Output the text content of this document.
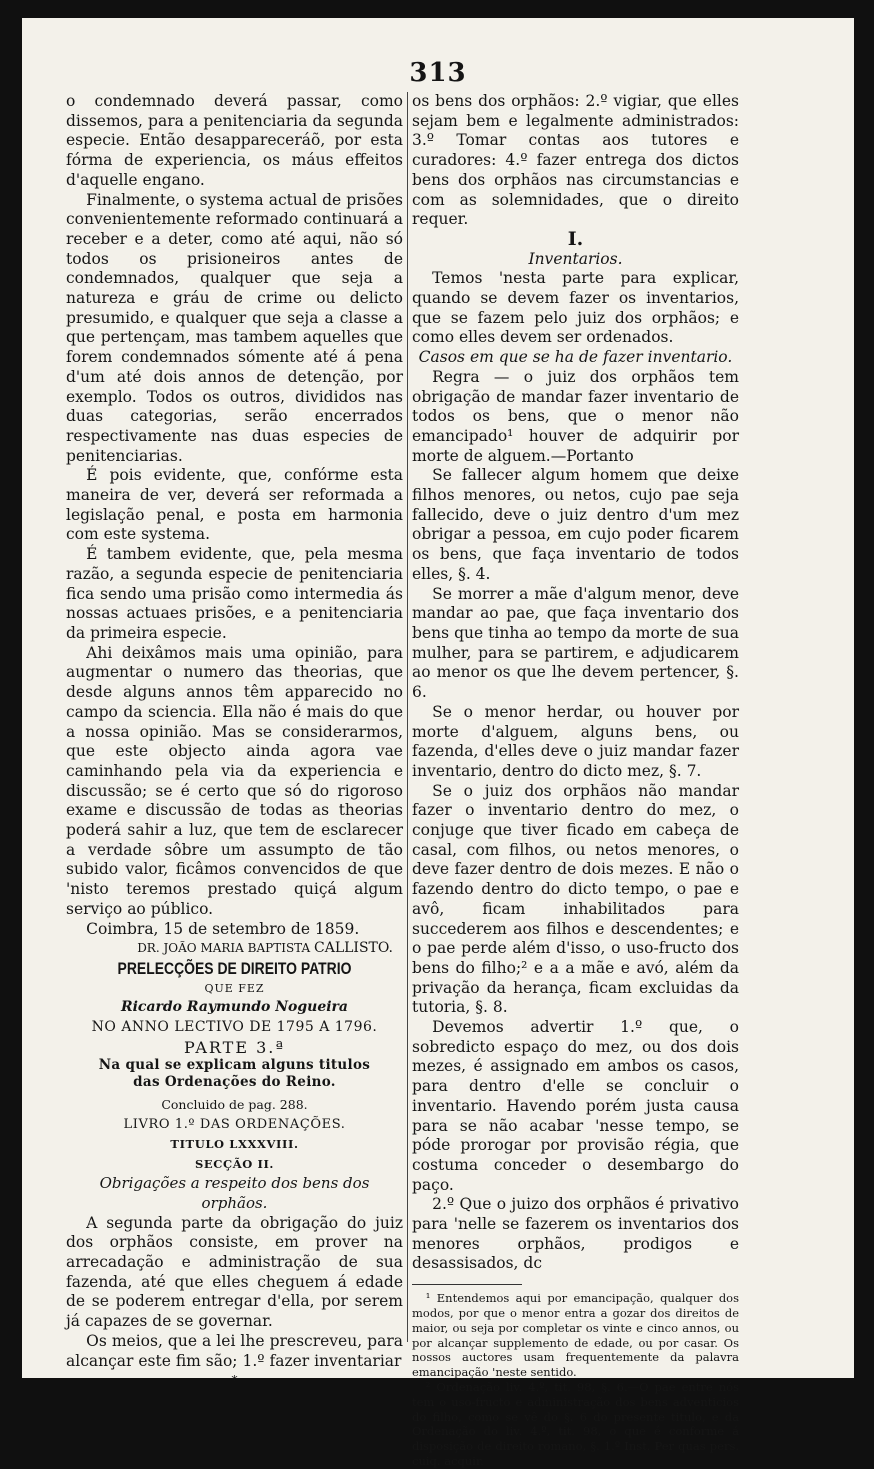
313

o condemnado deverá passar, como dissemos, para a penitenciaria da segunda especie. Então desappareceráõ, por esta fórma de experiencia, os máus effeitos d'aquelle engano.

Finalmente, o systema actual de prisões convenientemente reformado continuará a receber e a deter, como até aqui, não só todos os prisioneiros antes de condemnados, qualquer que seja a natureza e gráu de crime ou delicto presumido, e qualquer que seja a classe a que pertençam, mas tambem aquelles que forem condemnados sómente até á pena d'um até dois annos de detenção, por exemplo. Todos os outros, divididos nas duas categorias, serão encerrados respectivamente nas duas especies de penitenciarias.

É pois evidente, que, confórme esta maneira de ver, deverá ser reformada a legislação penal, e posta em harmonia com este systema.

É tambem evidente, que, pela mesma razão, a segunda especie de penitenciaria fica sendo uma prisão como intermedia ás nossas actuaes prisões, e a penitenciaria da primeira especie.

Ahi deixâmos mais uma opinião, para augmentar o numero das theorias, que desde alguns annos têm apparecido no campo da sciencia. Ella não é mais do que a nossa opinião. Mas se considerarmos, que este objecto ainda agora vae caminhando pela via da experiencia e discussão; se é certo que só do rigoroso exame e discussão de todas as theorias poderá sahir a luz, que tem de esclarecer a verdade sôbre um assumpto de tão subido valor, ficâmos convencidos de que 'nisto teremos prestado quiçá algum serviço ao público.

Coimbra, 15 de setembro de 1859.

DR. JOÃO MARIA BAPTISTA CALLISTO.

PRELECÇÕES DE DIREITO PATRIO

QUE FEZ

Ricardo Raymundo Nogueira

NO ANNO LECTIVO DE 1795 A 1796.

PARTE 3.ª

Na qual se explicam alguns titulos

das Ordenações do Reino.

Concluido de pag. 288.

LIVRO 1.º DAS ORDENAÇÕES.

TITULO LXXXVIII.

SECÇÃO II.

Obrigações a respeito dos bens dos orphãos.

A segunda parte da obrigação do juiz dos orphãos consiste, em prover na arrecadação e administração de sua fazenda, até que elles cheguem á edade de se poderem entregar d'ella, por serem já capazes de se governar.

Os meios, que a lei lhe prescreveu, para alcançar este fim são; 1.º fazer inventariar

*

os bens dos orphãos: 2.º vigiar, que elles sejam bem e legalmente administrados: 3.º Tomar contas aos tutores e curadores: 4.º fazer entrega dos dictos bens dos orphãos nas circumstancias e com as solemnidades, que o direito requer.

I.

Inventarios.

Temos 'nesta parte para explicar, quando se devem fazer os inventarios, que se fazem pelo juiz dos orphãos; e como elles devem ser ordenados.

Casos em que se ha de fazer inventario.

Regra — o juiz dos orphãos tem obrigação de mandar fazer inventario de todos os bens, que o menor não emancipado¹ houver de adquirir por morte de alguem.—Portanto

Se fallecer algum homem que deixe filhos menores, ou netos, cujo pae seja fallecido, deve o juiz dentro d'um mez obrigar a pessoa, em cujo poder ficarem os bens, que faça inventario de todos elles, §. 4.

Se morrer a mãe d'algum menor, deve mandar ao pae, que faça inventario dos bens que tinha ao tempo da morte de sua mulher, para se partirem, e adjudicarem ao menor os que lhe devem pertencer, §. 6.

Se o menor herdar, ou houver por morte d'alguem, alguns bens, ou fazenda, d'elles deve o juiz mandar fazer inventario, dentro do dicto mez, §. 7.

Se o juiz dos orphãos não mandar fazer o inventario dentro do mez, o conjuge que tiver ficado em cabeça de casal, com filhos, ou netos menores, o deve fazer dentro de dois mezes. E não o fazendo dentro do dicto tempo, o pae e avô, ficam inhabilitados para succederem aos filhos e descendentes; e o pae perde além d'isso, o uso-fructo dos bens do filho;² e a a mãe e avó, além da privação da herança, ficam excluidas da tutoria, §. 8.

Devemos advertir 1.º que, o sobredicto espaço do mez, ou dos dois mezes, é assignado em ambos os casos, para dentro d'elle se concluir o inventario. Havendo porém justa causa para se não acabar 'nesse tempo, se póde prorogar por provisão régia, que costuma conceder o desembargo do paço.

2.º Que o juizo dos orphãos é privativo para 'nelle se fazerem os inventarios dos menores orphãos, prodigos e desassisados, dc

¹ Entendemos aqui por emancipação, qualquer dos modos, por que o menor entra a gozar dos direitos de maior, ou seja por completar os vinte e cinco annos, ou por alcançar supplemento de edade, ou por casar. Os nossos auctores usam frequentemente da palavra emancipação 'neste sentido.

² Ordenação liv. 4.º, tit. 98, §. 6.—O pae entre nós tem o uso-fructo e administração dos bens adventicios do filho, como se vê do §. 6 do presente titulo, e da Ordenação do liv. 4.º, tit. 98, o que é conforme á disposição de direito romano, §. 1.º Inst. Per quas pers. cuiq. acquir.
